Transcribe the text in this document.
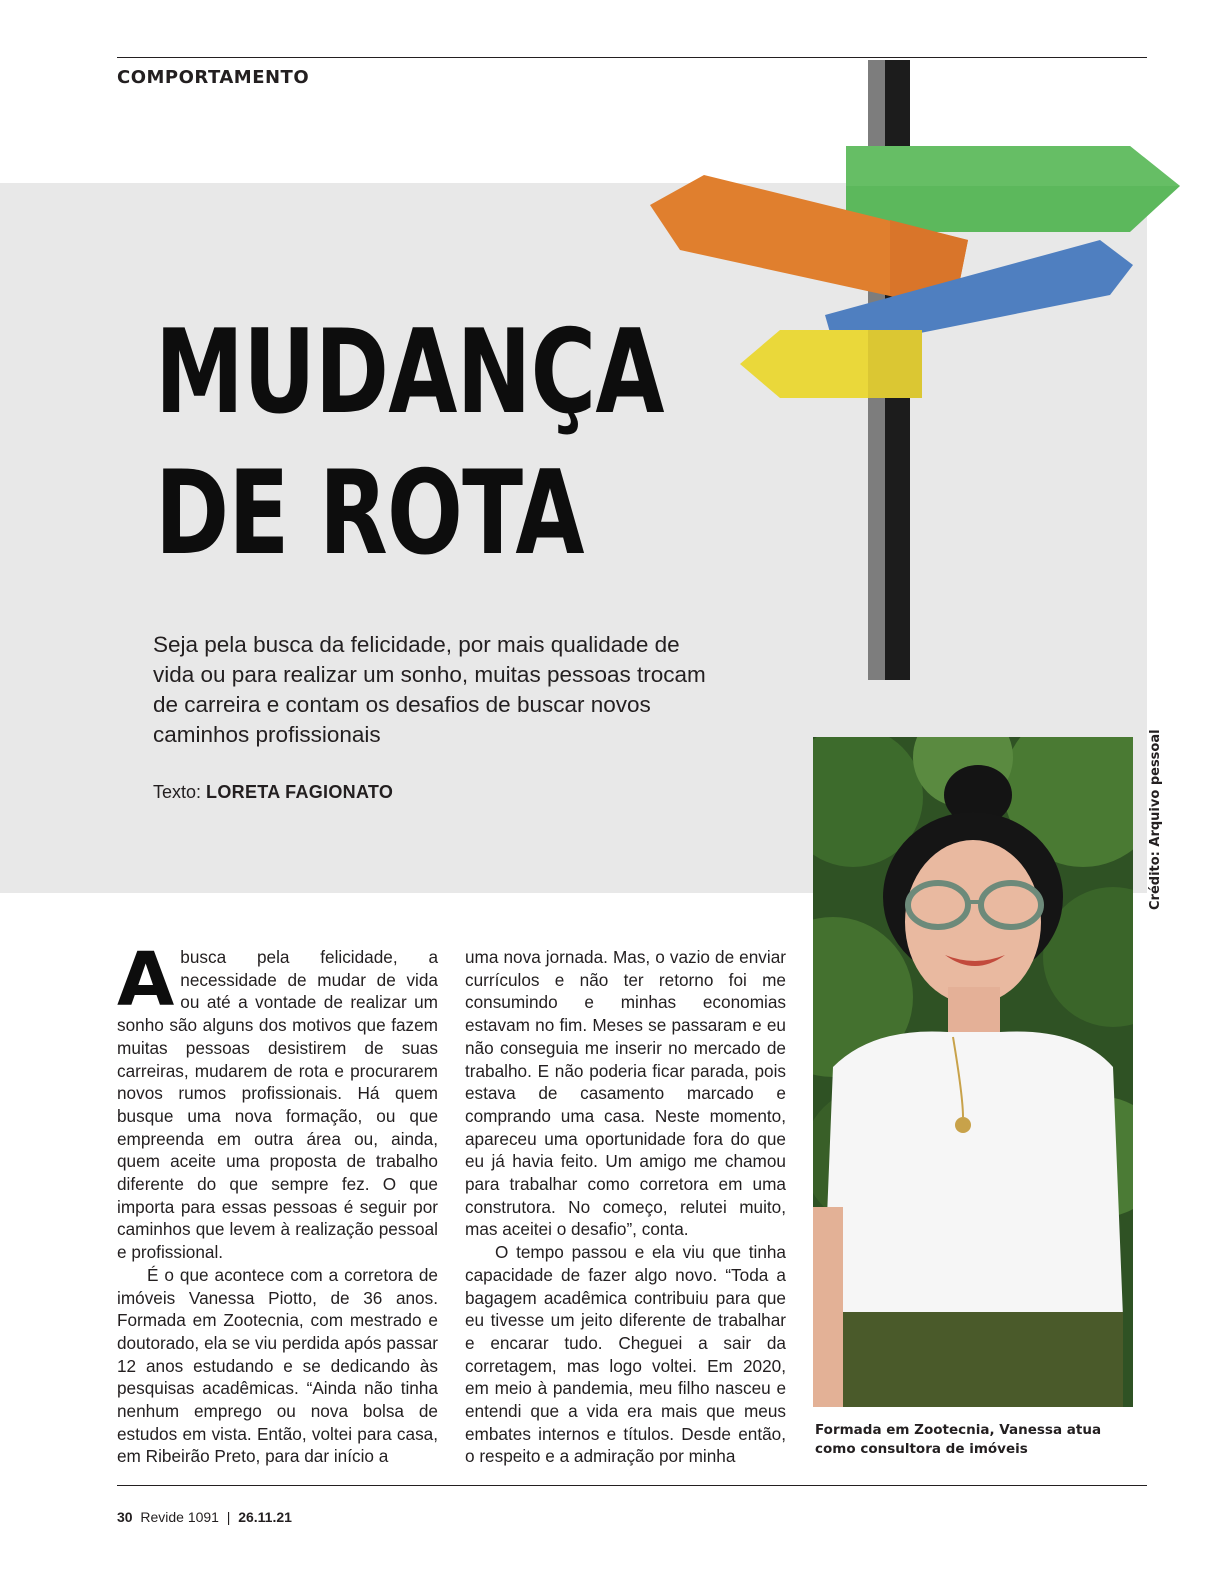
COMPORTAMENTO
MUDANÇA
DE ROTA
Seja pela busca da felicidade, por mais qualidade de vida ou para realizar um sonho, muitas pessoas trocam de carreira e contam os desafios de buscar novos caminhos profissionais
Texto: LORETA FAGIONATO	Crédito: Arquivo pessoal
Formada em Zootecnia, Vanessa atua como consultora de imóveis

Abusca pela felicidade, a necessidade de mudar de vida ou até a vontade de realizar um sonho são alguns dos motivos que fazem muitas pessoas desistirem de suas carreiras, mudarem de rota e procurarem novos rumos profissionais. Há quem busque uma nova formação, ou que empreenda em outra área ou, ainda, quem aceite uma proposta de trabalho diferente do que sempre fez. O que importa para essas pessoas é seguir por caminhos que levem à realização pessoal e profissional.

É o que acontece com a corretora de imóveis Vanessa Piotto, de 36 anos. Formada em Zootecnia, com mestrado e doutorado, ela se viu perdida após passar 12 anos estudando e se dedicando às pesquisas acadêmicas. “Ainda não tinha nenhum emprego ou nova bolsa de estudos em vista. Então, voltei para casa, em Ribeirão Preto, para dar início a

uma nova jornada. Mas, o vazio de enviar currículos e não ter retorno foi me consumindo e minhas economias estavam no fim. Meses se passaram e eu não conseguia me inserir no mercado de trabalho. E não poderia ficar parada, pois estava de casamento marcado e comprando uma casa. Neste momento, apareceu uma oportunidade fora do que eu já havia feito. Um amigo me chamou para trabalhar como corretora em uma construtora. No começo, relutei muito, mas aceitei o desafio”, conta.

O tempo passou e ela viu que tinha capacidade de fazer algo novo. “Toda a bagagem acadêmica contribuiu para que eu tivesse um jeito diferente de trabalhar e encarar tudo. Cheguei a sair da corretagem, mas logo voltei. Em 2020, em meio à pandemia, meu filho nasceu e entendi que a vida era mais que meus embates internos e títulos. Desde então, o respeito e a admiração por minha

30 Revide 1091 | 26.11.21
